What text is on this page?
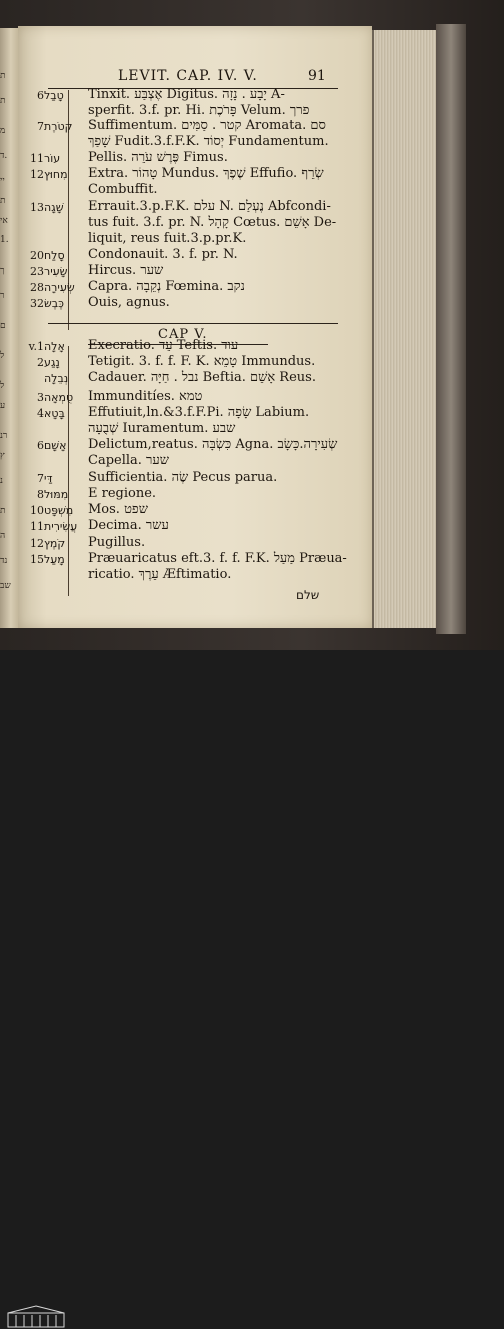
ת
ת
מ
ד.
יי
ת
אי
1.
ך
ר
ם
ל
ל
ע
רנ
ץ
נ
ת
ה
נד
שב
LEVIT. CAP. IV. V.	91
6 טָבַל Tinxit. אֶצְבַּע Digitus. יָבָע . נָזָה A-
sperfit. 3.f. pr. Hi. פָּרֹכֶת Velum. פרך
7 קְטֹרֶת Suffimentum. קטר . סַמִּים Aromata. סם
שָׁפַךְ Fudit.3.f.F.K. יְסוֹד Fundamentum.
11 עוֹר Pellis. פֶּרֶשׁ עֹרֵה Fimus.
12 מִחוּץ Extra. טָהוֹר Mundus. שֶׁפֶךְ Effufio. שְׂרֵף
Combuffit.
13 שָׁגָה Errauit.3.p.F.K. עלם N. נֶעְלַם Abfcondi-
tus fuit. 3.f. pr. N. קָהָל Cœtus. אָשֵׁם De-
liquit, reus fuit.3.p.pr.K.
20 סָלַח Condonauit. 3. f. pr. N.
23 שָׂעִיר Hircus. שער
28 שְׂעִירָה Capra. נְקֵבָה Fœmina. נקב
32 כֶּבֶשׂ Ouis, agnus.
CAP V.
v.1 אָלָה Execratio. עֵד Teftis. עוד
2 נָגַע Tetigit. 3. f. f. F. K. טָמֵא Immundus.
נְבֵלָה Cadauer. נבל . חַיָּה Beftia. אָשֵׁם Reus.
3 טֻמְאָה Immunditíes. טמא
4 בָּטָא Effutiuit,ln.&3.f.F.Pi. שָׂפָה Labium.
שְׁבֻעָה Iuramentum. שבע
6 אָשָׁם Delictum,reatus. כִּשְׂבָּה Agna. שְׂעִירָה.כָּשָׂב
Capella. שער
7 דַּי	Sufficientia. שֶׂה Pecus parua.
8 מִמּוּל E regione.
10 מִשְׁפָּט Mos. שפט
11 עֲשִׂירִית Decima. עשר
12 קֹמֶץ Pugillus.
15 מָעַל Præuaricatus eft.3. f. f. F.K. מַעַל Præua-
ricatio. עֵרֶךְ Æftimatio.
שלם
